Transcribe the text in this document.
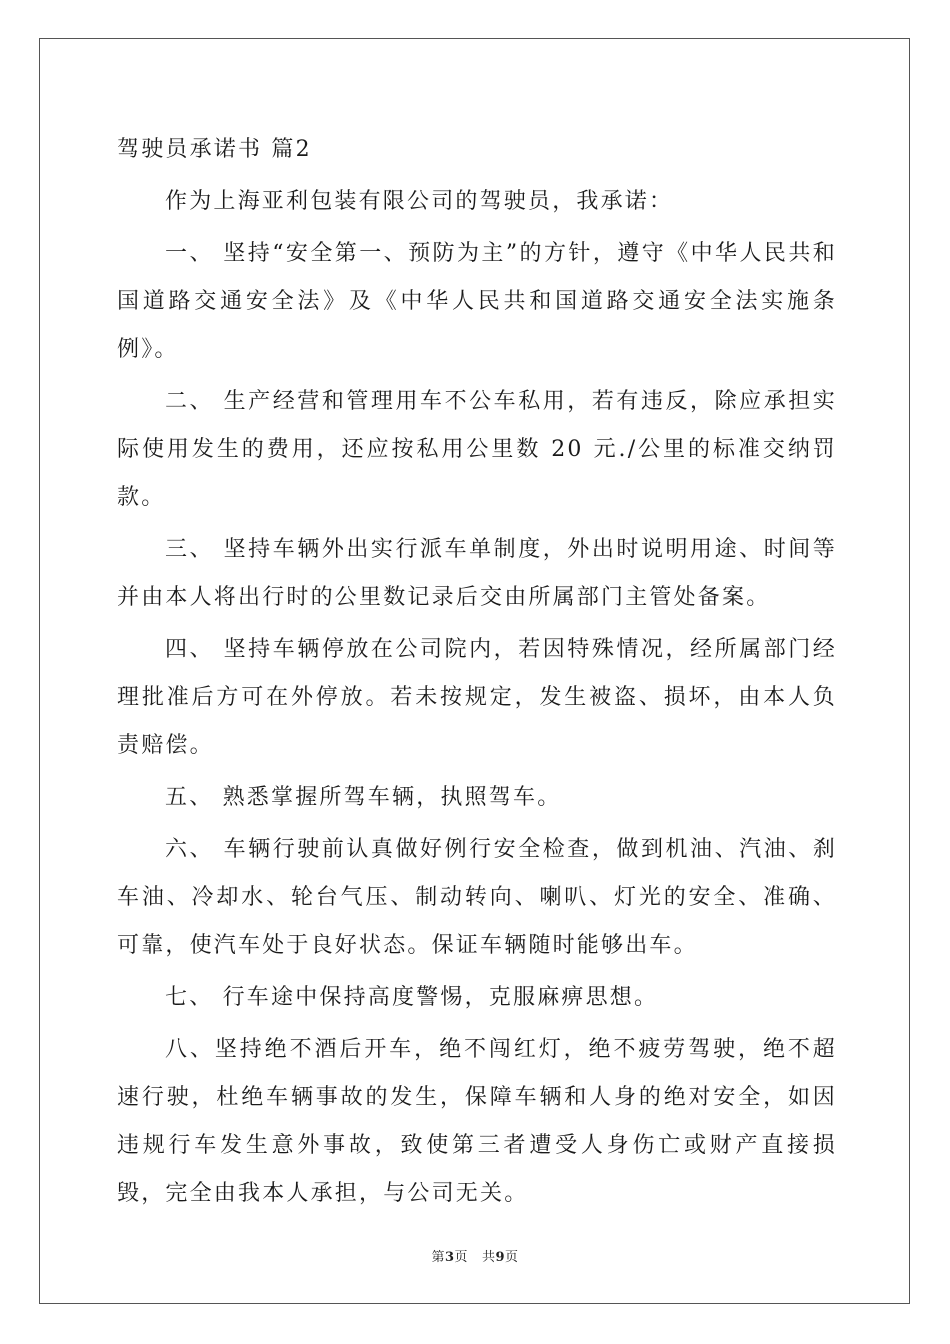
驾驶员承诺书 篇2

作为上海亚利包装有限公司的驾驶员，我承诺：

一、 坚持“安全第一、预防为主”的方针，遵守《中华人民共和国道路交通安全法》及《中华人民共和国道路交通安全法实施条例》。

二、 生产经营和管理用车不公车私用，若有违反，除应承担实际使用发生的费用，还应按私用公里数 20 元./公里的标准交纳罚款。

三、 坚持车辆外出实行派车单制度，外出时说明用途、时间等并由本人将出行时的公里数记录后交由所属部门主管处备案。

四、 坚持车辆停放在公司院内，若因特殊情况，经所属部门经理批准后方可在外停放。若未按规定，发生被盗、损坏，由本人负责赔偿。

五、 熟悉掌握所驾车辆，执照驾车。

六、 车辆行驶前认真做好例行安全检查，做到机油、汽油、刹车油、冷却水、轮台气压、制动转向、喇叭、灯光的安全、准确、可靠，使汽车处于良好状态。保证车辆随时能够出车。

七、 行车途中保持高度警惕，克服麻痹思想。

八、坚持绝不酒后开车，绝不闯红灯，绝不疲劳驾驶，绝不超速行驶，杜绝车辆事故的发生，保障车辆和人身的绝对安全，如因违规行车发生意外事故，致使第三者遭受人身伤亡或财产直接损毁，完全由我本人承担，与公司无关。

第3页 共9页
